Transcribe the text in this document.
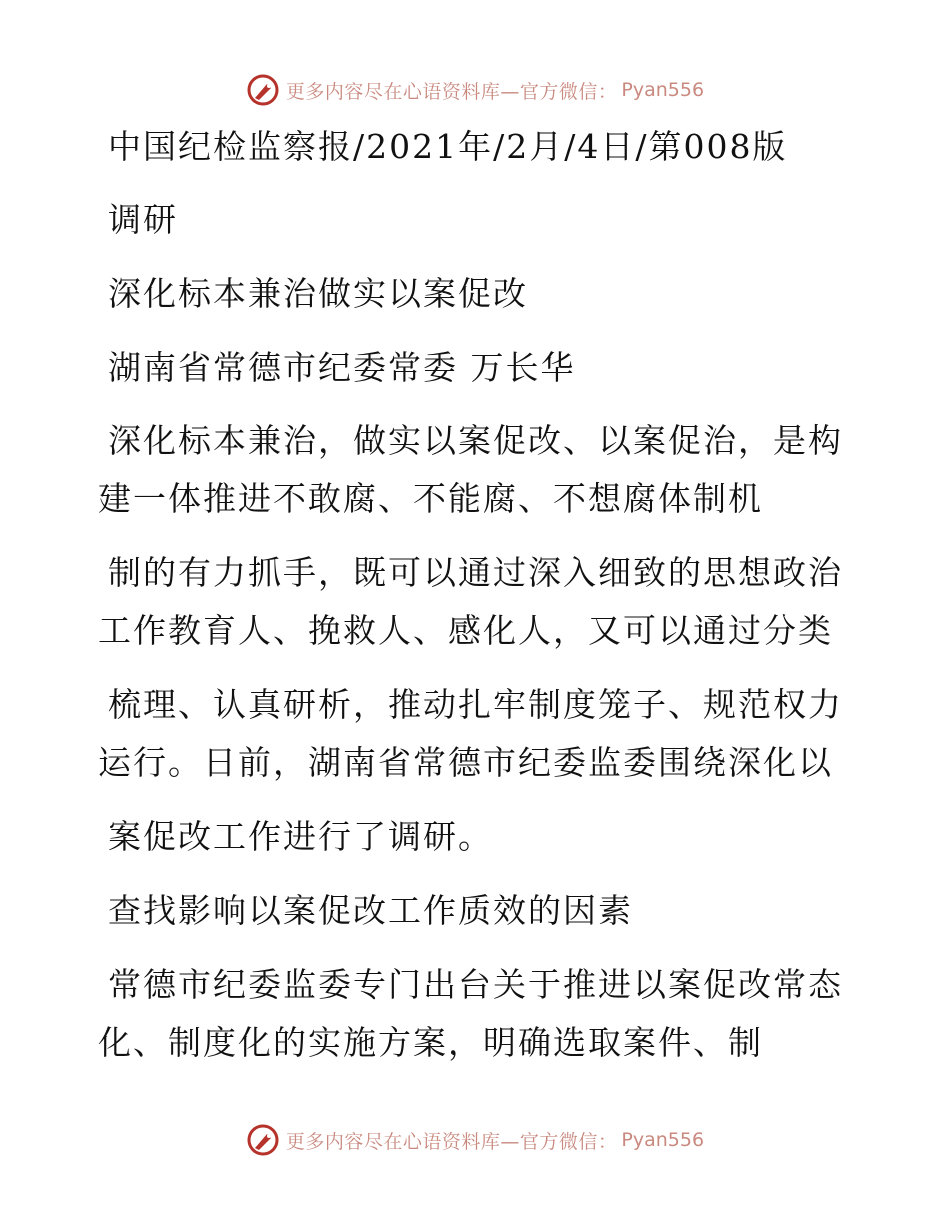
更多内容尽在心语资料库—官方微信： Pyan556
中国纪检监察报/2021年/2月/4日/第008版
调研
深化标本兼治做实以案促改
湖南省常德市纪委常委 万长华
深化标本兼治，做实以案促改、以案促治，是构
建一体推进不敢腐、不能腐、不想腐体制机
制的有力抓手，既可以通过深入细致的思想政治
工作教育人、挽救人、感化人，又可以通过分类
梳理、认真研析，推动扎牢制度笼子、规范权力
运行。日前，湖南省常德市纪委监委围绕深化以
案促改工作进行了调研。
查找影响以案促改工作质效的因素
常德市纪委监委专门出台关于推进以案促改常态
化、制度化的实施方案，明确选取案件、制
更多内容尽在心语资料库—官方微信： Pyan556
